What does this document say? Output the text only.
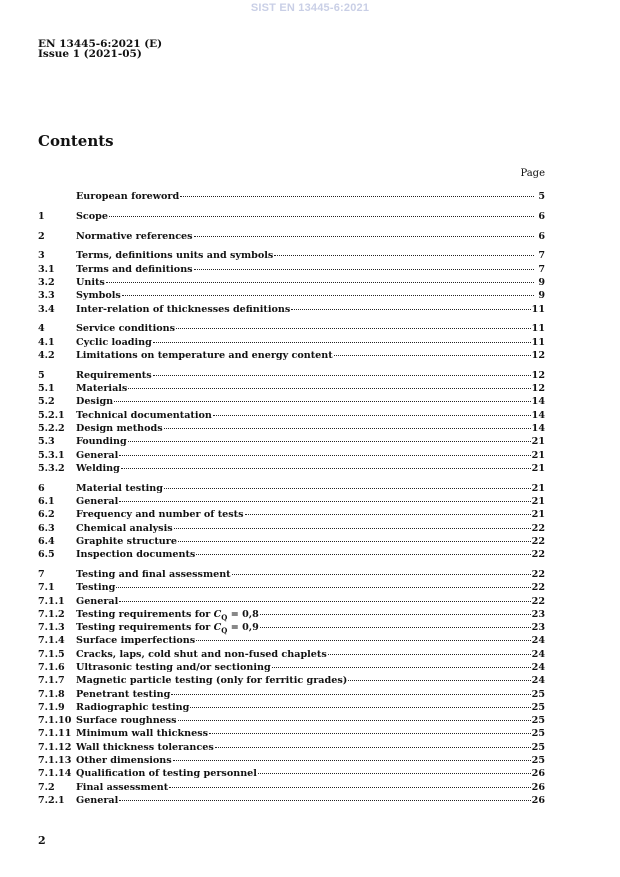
SIST EN 13445-6:2021
EN 13445-6:2021 (E)
Issue 1 (2021-05)
Contents
Page
European foreword	5
1	Scope	6
2	Normative references	6
3	Terms, definitions units and symbols	7
3.1	Terms and definitions	7
3.2	Units	9
3.3	Symbols	9
3.4	Inter-relation of thicknesses definitions	11
4	Service conditions	11
4.1	Cyclic loading	11
4.2	Limitations on temperature and energy content	12
5	Requirements	12
5.1	Materials	12
5.2	Design	14
5.2.1	Technical documentation	14
5.2.2	Design methods	14
5.3	Founding	21
5.3.1	General	21
5.3.2	Welding	21
6	Material testing	21
6.1	General	21
6.2	Frequency and number of tests	21
6.3	Chemical analysis	22
6.4	Graphite structure	22
6.5	Inspection documents	22
7	Testing and final assessment	22
7.1	Testing	22
7.1.1	General	22
7.1.2	Testing requirements for $C_Q = 0,8$	23
7.1.3	Testing requirements for $C_Q = 0,9$	23
7.1.4	Surface imperfections	24
7.1.5	Cracks, laps, cold shut and non-fused chaplets	24
7.1.6	Ultrasonic testing and/or sectioning	24
7.1.7	Magnetic particle testing (only for ferritic grades)	24
7.1.8	Penetrant testing	25
7.1.9	Radiographic testing	25
7.1.10 Surface roughness	25
7.1.11 Minimum wall thickness	25
7.1.12 Wall thickness tolerances	25
7.1.13 Other dimensions	25
7.1.14 Qualification of testing personnel	26
7.2	Final assessment	26
7.2.1	General	26
2
